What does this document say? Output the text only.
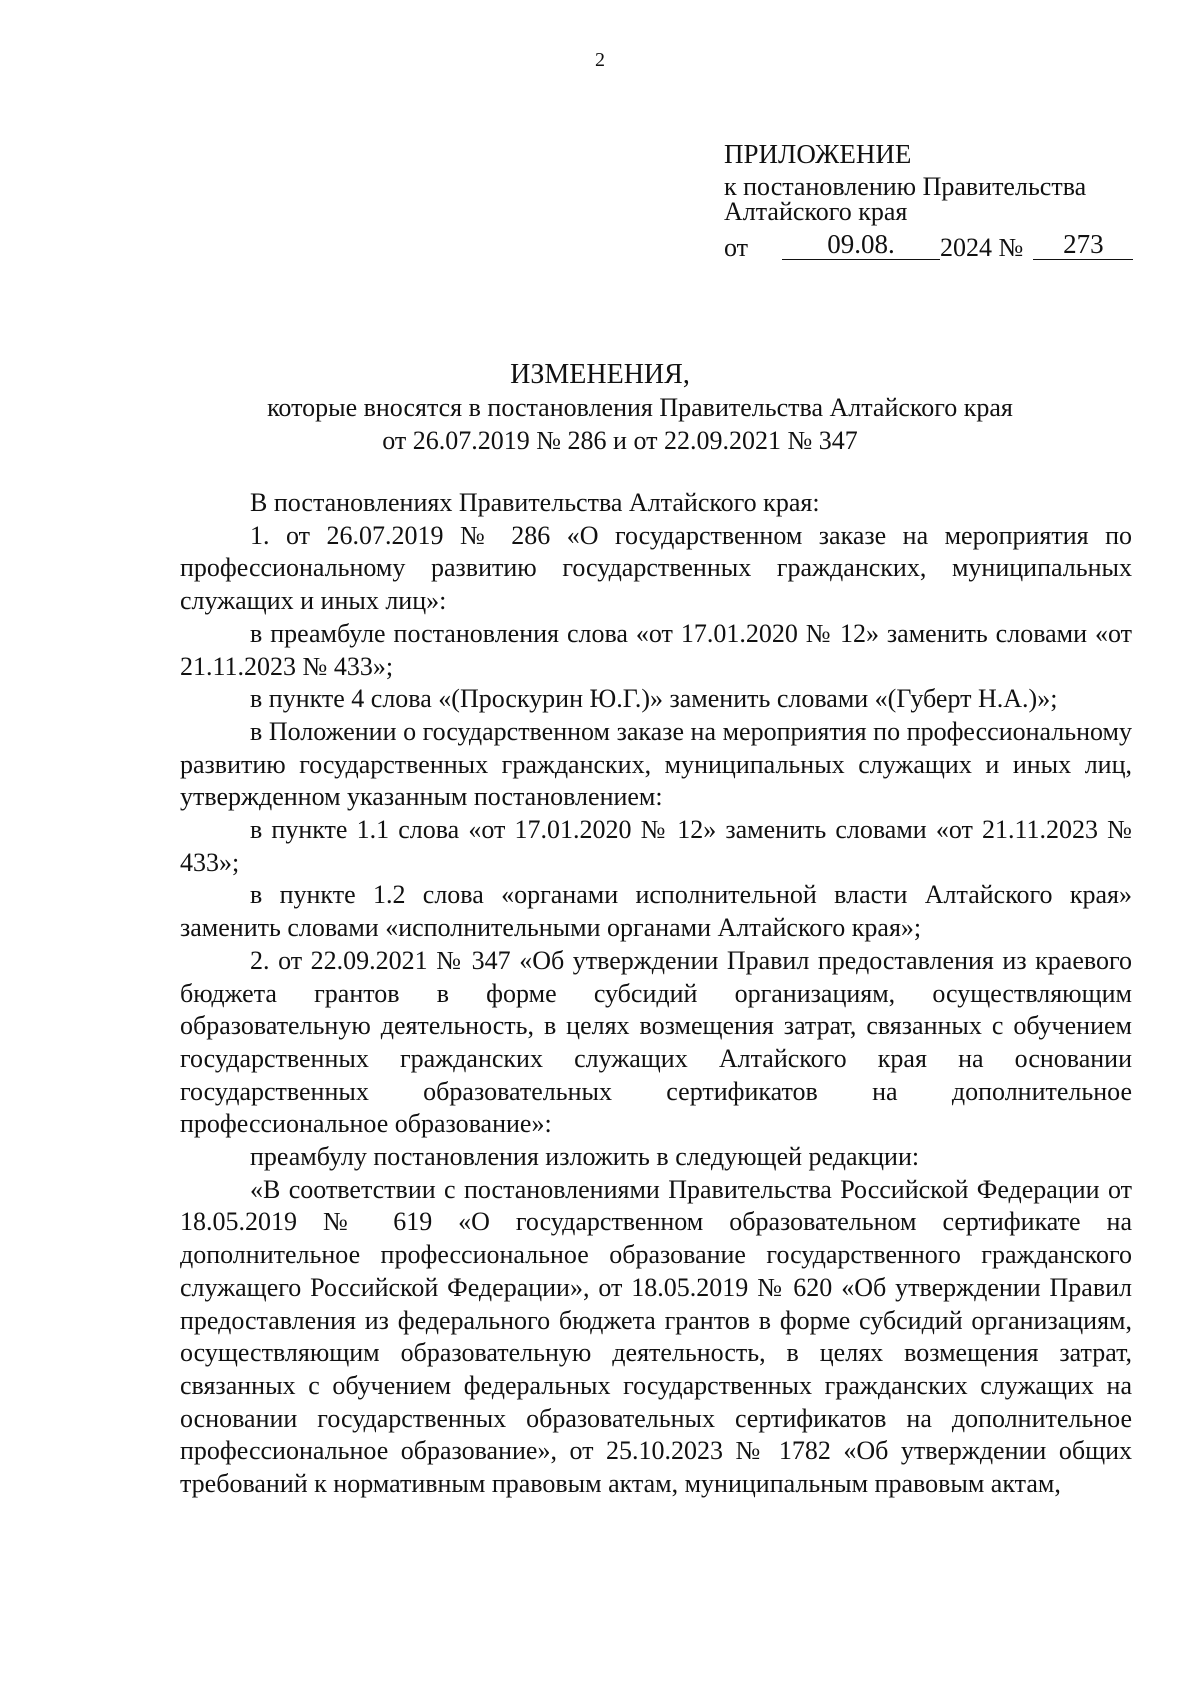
2
ПРИЛОЖЕНИЕ
к постановлению Правительства
Алтайского края
от	09.08.	2024 №	273
ИЗМЕНЕНИЯ,
которые вносятся в постановления Правительства Алтайского края
от 26.07.2019 № 286 и от 22.09.2021 № 347

В постановлениях Правительства Алтайского края:

1. от 26.07.2019 № 286 «О государственном заказе на мероприятия по профессиональному развитию государственных гражданских, муниципальных служащих и иных лиц»:

в преамбуле постановления слова «от 17.01.2020 № 12» заменить словами «от 21.11.2023 № 433»;

в пункте 4 слова «(Проскурин Ю.Г.)» заменить словами «(Губерт Н.А.)»;

в Положении о государственном заказе на мероприятия по профессиональному развитию государственных гражданских, муниципальных служащих и иных лиц, утвержденном указанным постановлением:

в пункте 1.1 слова «от 17.01.2020 № 12» заменить словами «от 21.11.2023 № 433»;

в пункте 1.2 слова «органами исполнительной власти Алтайского края» заменить словами «исполнительными органами Алтайского края»;

2. от 22.09.2021 № 347 «Об утверждении Правил предоставления из краевого бюджета грантов в форме субсидий организациям, осуществляющим образовательную деятельность, в целях возмещения затрат, связанных с обучением государственных гражданских служащих Алтайского края на основании государственных образовательных сертификатов на дополнительное профессиональное образование»:

преамбулу постановления изложить в следующей редакции:

«В соответствии с постановлениями Правительства Российской Федерации от 18.05.2019 № 619 «О государственном образовательном сертификате на дополнительное профессиональное образование государственного гражданского служащего Российской Федерации», от 18.05.2019 № 620 «Об утверждении Правил предоставления из федерального бюджета грантов в форме субсидий организациям, осуществляющим образовательную деятельность, в целях возмещения затрат, связанных с обучением федеральных государственных гражданских служащих на основании государственных образовательных сертификатов на дополнительное профессиональное образование», от 25.10.2023 № 1782 «Об утверждении общих требований к нормативным правовым актам, муниципальным правовым актам,
